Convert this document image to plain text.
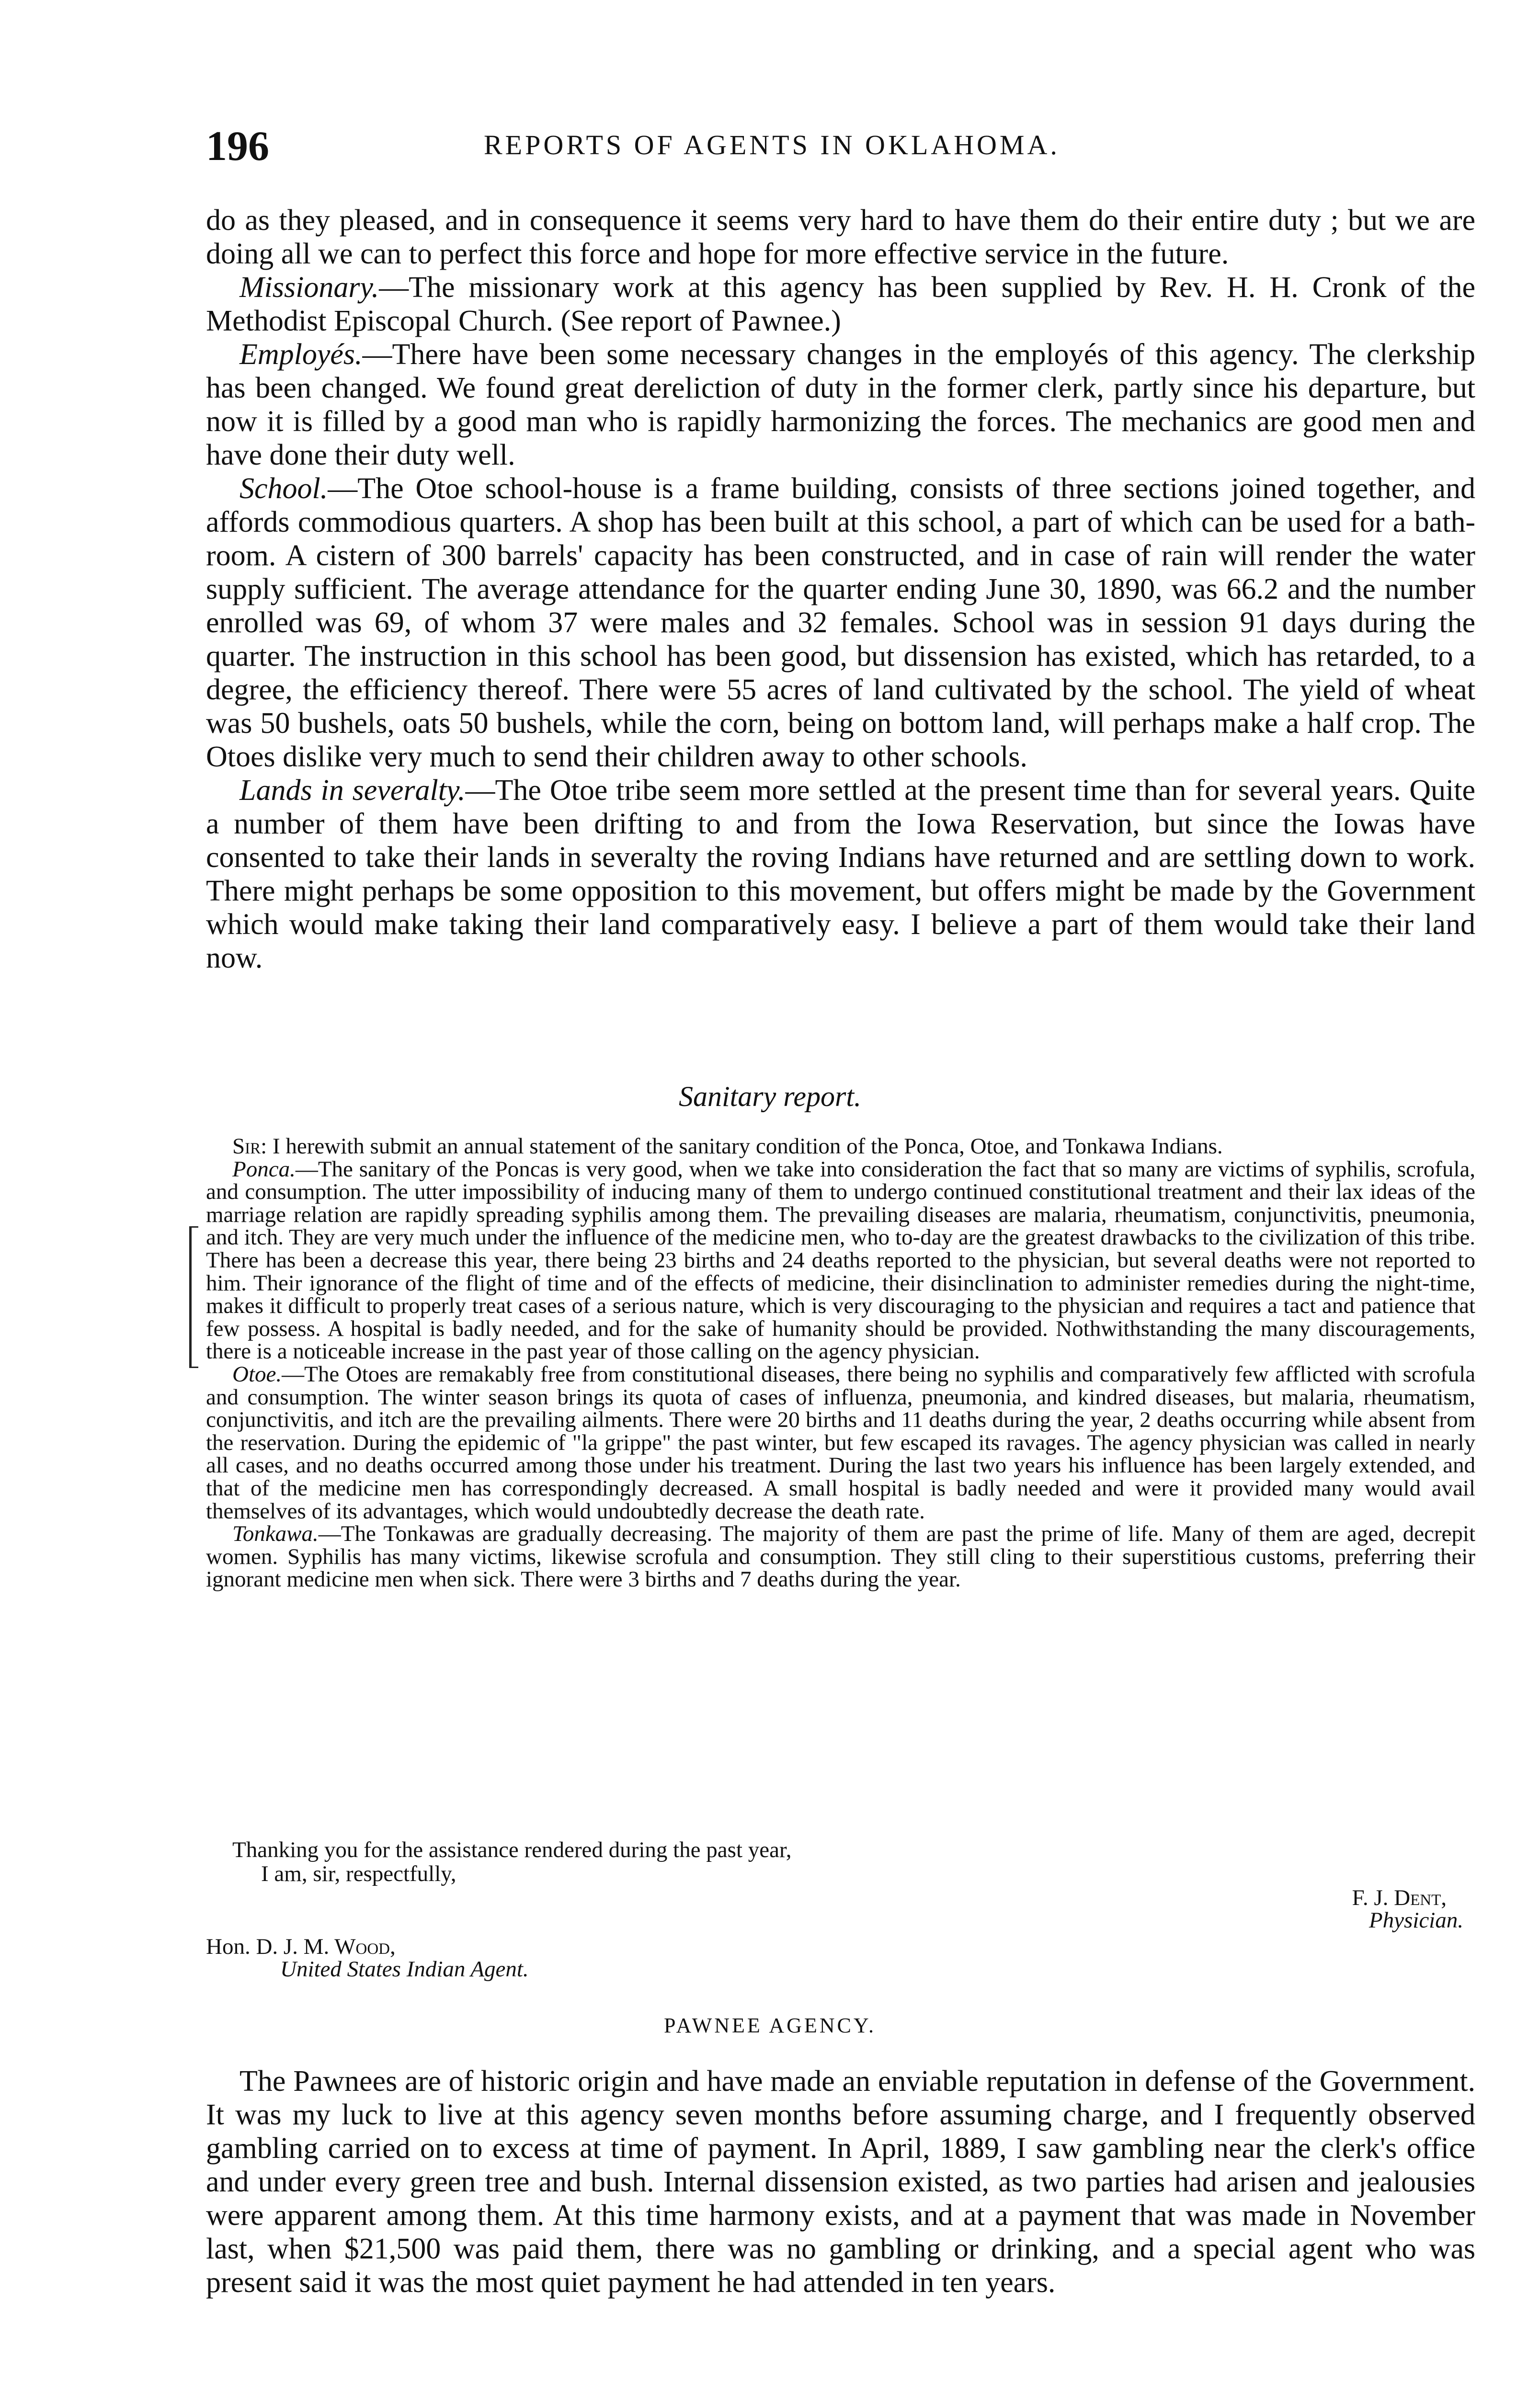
196	REPORTS OF AGENTS IN OKLAHOMA.

do as they pleased, and in consequence it seems very hard to have them do their entire duty ; but we are doing all we can to perfect this force and hope for more effective service in the future.

Missionary.—The missionary work at this agency has been supplied by Rev. H. H. Cronk of the Methodist Episcopal Church. (See report of Pawnee.)

Employés.—There have been some necessary changes in the employés of this agency. The clerkship has been changed. We found great dereliction of duty in the former clerk, partly since his departure, but now it is filled by a good man who is rapidly harmonizing the forces. The mechanics are good men and have done their duty well.

School.—The Otoe school-house is a frame building, consists of three sections joined together, and affords commodious quarters. A shop has been built at this school, a part of which can be used for a bath-room. A cistern of 300 barrels' capacity has been constructed, and in case of rain will render the water supply sufficient. The average attendance for the quarter ending June 30, 1890, was 66.2 and the number enrolled was 69, of whom 37 were males and 32 females. School was in session 91 days during the quarter. The instruction in this school has been good, but dissension has existed, which has retarded, to a degree, the efficiency thereof. There were 55 acres of land cultivated by the school. The yield of wheat was 50 bushels, oats 50 bushels, while the corn, being on bottom land, will perhaps make a half crop. The Otoes dislike very much to send their children away to other schools.

Lands in severalty.—The Otoe tribe seem more settled at the present time than for several years. Quite a number of them have been drifting to and from the Iowa Reservation, but since the Iowas have consented to take their lands in severalty the roving Indians have returned and are settling down to work. There might perhaps be some opposition to this movement, but offers might be made by the Government which would make taking their land comparatively easy. I believe a part of them would take their land now.

Sanitary report.

Sir: I herewith submit an annual statement of the sanitary condition of the Ponca, Otoe, and Tonkawa Indians.

Ponca.—The sanitary of the Poncas is very good, when we take into consideration the fact that so many are victims of syphilis, scrofula, and consumption. The utter impossibility of inducing many of them to undergo continued constitutional treatment and their lax ideas of the marriage relation are rapidly spreading syphilis among them. The prevailing diseases are malaria, rheumatism, conjunctivitis, pneumonia, and itch. They are very much under the influence of the medicine men, who to-day are the greatest drawbacks to the civilization of this tribe. There has been a decrease this year, there being 23 births and 24 deaths reported to the physician, but several deaths were not reported to him. Their ignorance of the flight of time and of the effects of medicine, their disinclination to administer remedies during the night-time, makes it difficult to properly treat cases of a serious nature, which is very discouraging to the physician and requires a tact and patience that few possess. A hospital is badly needed, and for the sake of humanity should be provided. Nothwithstanding the many discouragements, there is a noticeable increase in the past year of those calling on the agency physician.

Otoe.—The Otoes are remakably free from constitutional diseases, there being no syphilis and comparatively few afflicted with scrofula and consumption. The winter season brings its quota of cases of influenza, pneumonia, and kindred diseases, but malaria, rheumatism, conjunctivitis, and itch are the prevailing ailments. There were 20 births and 11 deaths during the year, 2 deaths occurring while absent from the reservation. During the epidemic of "la grippe" the past winter, but few escaped its ravages. The agency physician was called in nearly all cases, and no deaths occurred among those under his treatment. During the last two years his influence has been largely extended, and that of the medicine men has correspondingly decreased. A small hospital is badly needed and were it provided many would avail themselves of its advantages, which would undoubtedly decrease the death rate.

Tonkawa.—The Tonkawas are gradually decreasing. The majority of them are past the prime of life. Many of them are aged, decrepit women. Syphilis has many victims, likewise scrofula and consumption. They still cling to their superstitious customs, preferring their ignorant medicine men when sick. There were 3 births and 7 deaths during the year.

Thanking you for the assistance rendered during the past year,
I am, sir, respectfully,
F. J. Dent,
Physician.
Hon. D. J. M. Wood,
United States Indian Agent.
PAWNEE AGENCY.

The Pawnees are of historic origin and have made an enviable reputation in defense of the Government. It was my luck to live at this agency seven months before assuming charge, and I frequently observed gambling carried on to excess at time of payment. In April, 1889, I saw gambling near the clerk's office and under every green tree and bush. Internal dissension existed, as two parties had arisen and jealousies were apparent among them. At this time harmony exists, and at a payment that was made in November last, when $21,500 was paid them, there was no gambling or drinking, and a special agent who was present said it was the most quiet payment he had attended in ten years.
